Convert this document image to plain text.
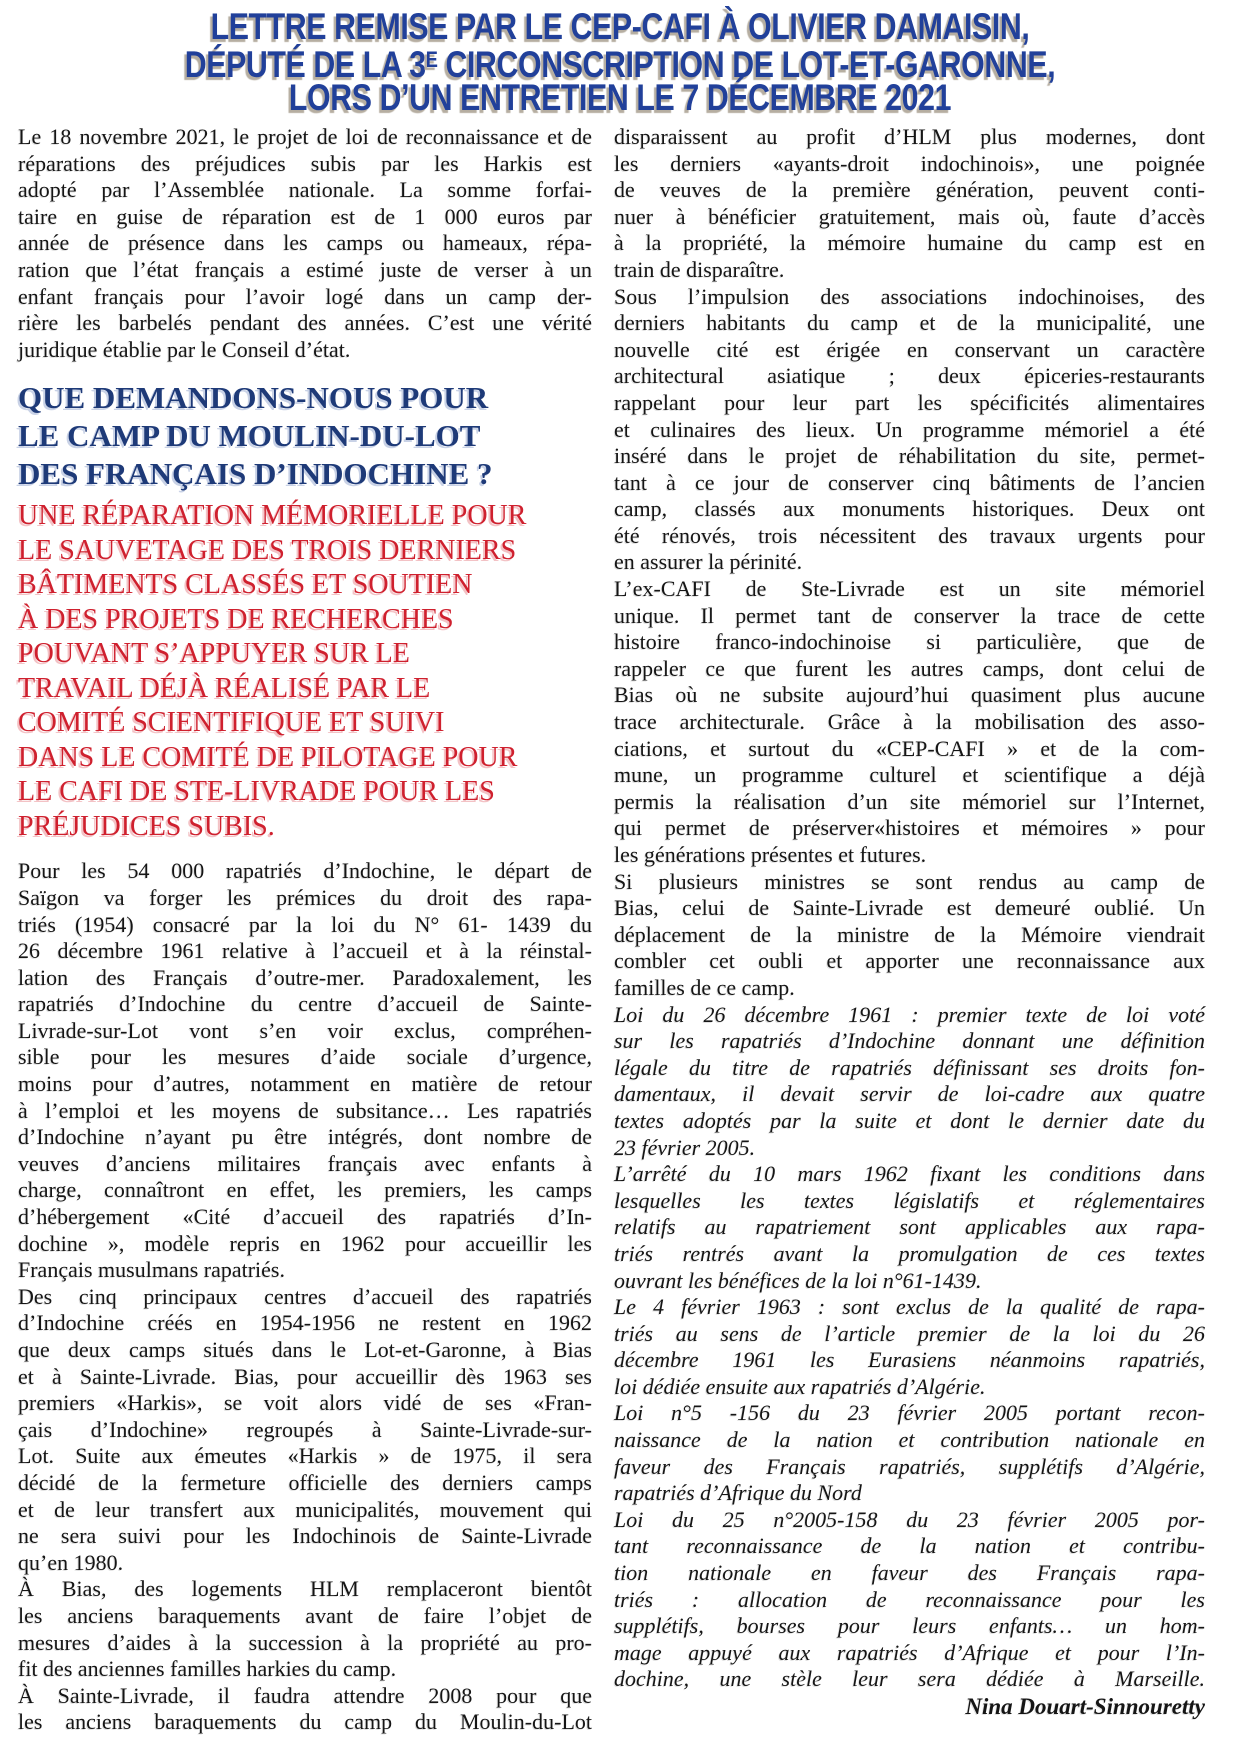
LETTRE REMISE PAR LE CEP-CAFI À OLIVIER DAMAISIN,
DÉPUTÉ DE LA $3^E$ CIRCONSCRIPTION DE LOT-ET-GARONNE,
LORS D’UN ENTRETIEN LE 7 DÉCEMBRE 2021
Le 18 novembre 2021, le projet de loi de reconnaissance et de
réparations des préjudices subis par les Harkis est
adopté par l’Assemblée nationale. La somme forfai-
taire en guise de réparation est de 1 000 euros par
année de présence dans les camps ou hameaux, répa-
ration que l’état français a estimé juste de verser à un
enfant français pour l’avoir logé dans un camp der-
rière les barbelés pendant des années. C’est une vérité
juridique établie par le Conseil d’état.
QUE DEMANDONS-NOUS POUR
LE CAMP DU MOULIN-DU-LOT
DES FRANÇAIS D’INDOCHINE ?
UNE RÉPARATION MÉMORIELLE POUR
LE SAUVETAGE DES TROIS DERNIERS
BÂTIMENTS CLASSÉS ET SOUTIEN
À DES PROJETS DE RECHERCHES
POUVANT S’APPUYER SUR LE
TRAVAIL DÉJÀ RÉALISÉ PAR LE
COMITÉ SCIENTIFIQUE ET SUIVI
DANS LE COMITÉ DE PILOTAGE POUR
LE CAFI DE STE-LIVRADE POUR LES
PRÉJUDICES SUBIS.
Pour les 54 000 rapatriés d’Indochine, le départ de
Saïgon va forger les prémices du droit des rapa-
triés (1954) consacré par la loi du N° 61- 1439 du
26 décembre 1961 relative à l’accueil et à la réinstal-
lation des Français d’outre-mer. Paradoxalement, les
rapatriés d’Indochine du centre d’accueil de Sainte-
Livrade-sur-Lot vont s’en voir exclus, compréhen-
sible pour les mesures d’aide sociale d’urgence,
moins pour d’autres, notamment en matière de retour
à l’emploi et les moyens de subsitance… Les rapatriés
d’Indochine n’ayant pu être intégrés, dont nombre de
veuves d’anciens militaires français avec enfants à
charge, connaîtront en effet, les premiers, les camps
d’hébergement «Cité d’accueil des rapatriés d’In-
dochine », modèle repris en 1962 pour accueillir les
Français musulmans rapatriés.
Des cinq principaux centres d’accueil des rapatriés
d’Indochine créés en 1954-1956 ne restent en 1962
que deux camps situés dans le Lot-et-Garonne, à Bias
et à Sainte-Livrade. Bias, pour accueillir dès 1963 ses
premiers «Harkis», se voit alors vidé de ses «Fran-
çais d’Indochine» regroupés à Sainte-Livrade-sur-
Lot. Suite aux émeutes «Harkis » de 1975, il sera
décidé de la fermeture officielle des derniers camps
et de leur transfert aux municipalités, mouvement qui
ne sera suivi pour les Indochinois de Sainte-Livrade
qu’en 1980.
À Bias, des logements HLM remplaceront bientôt
les anciens baraquements avant de faire l’objet de
mesures d’aides à la succession à la propriété au pro-
fit des anciennes familles harkies du camp.
À Sainte-Livrade, il faudra attendre 2008 pour que
les anciens baraquements du camp du Moulin-du-Lot
disparaissent au profit d’HLM plus modernes, dont
les derniers «ayants-droit indochinois», une poignée
de veuves de la première génération, peuvent conti-
nuer à bénéficier gratuitement, mais où, faute d’accès
à la propriété, la mémoire humaine du camp est en
train de disparaître.
Sous l’impulsion des associations indochinoises, des
derniers habitants du camp et de la municipalité, une
nouvelle cité est érigée en conservant un caractère
architectural asiatique ; deux épiceries-restaurants
rappelant pour leur part les spécificités alimentaires
et culinaires des lieux. Un programme mémoriel a été
inséré dans le projet de réhabilitation du site, permet-
tant à ce jour de conserver cinq bâtiments de l’ancien
camp, classés aux monuments historiques. Deux ont
été rénovés, trois nécessitent des travaux urgents pour
en assurer la périnité.
L’ex-CAFI de Ste-Livrade est un site mémoriel
unique. Il permet tant de conserver la trace de cette
histoire franco-indochinoise si particulière, que de
rappeler ce que furent les autres camps, dont celui de
Bias où ne subsite aujourd’hui quasiment plus aucune
trace architecturale. Grâce à la mobilisation des asso-
ciations, et surtout du «CEP-CAFI » et de la com-
mune, un programme culturel et scientifique a déjà
permis la réalisation d’un site mémoriel sur l’Internet,
qui permet de préserver«histoires et mémoires » pour
les générations présentes et futures.
Si plusieurs ministres se sont rendus au camp de
Bias, celui de Sainte-Livrade est demeuré oublié. Un
déplacement de la ministre de la Mémoire viendrait
combler cet oubli et apporter une reconnaissance aux
familles de ce camp.
Loi du 26 décembre 1961 : premier texte de loi voté
sur les rapatriés d’Indochine donnant une définition
légale du titre de rapatriés définissant ses droits fon-
damentaux, il devait servir de loi-cadre aux quatre
textes adoptés par la suite et dont le dernier date du
23 février 2005.
L’arrêté du 10 mars 1962 fixant les conditions dans
lesquelles les textes législatifs et réglementaires
relatifs au rapatriement sont applicables aux rapa-
triés rentrés avant la promulgation de ces textes
ouvrant les bénéfices de la loi n°61-1439.
Le 4 février 1963 : sont exclus de la qualité de rapa-
triés au sens de l’article premier de la loi du 26
décembre 1961 les Eurasiens néanmoins rapatriés,
loi dédiée ensuite aux rapatriés d’Algérie.
Loi n°5 -156 du 23 février 2005 portant recon-
naissance de la nation et contribution nationale en
faveur des Français rapatriés, supplétifs d’Algérie,
rapatriés d’Afrique du Nord
Loi du 25 n°2005-158 du 23 février 2005 por-
tant reconnaissance de la nation et contribu-
tion nationale en faveur des Français rapa-
triés : allocation de reconnaissance pour les
supplétifs, bourses pour leurs enfants… un hom-
mage appuyé aux rapatriés d’Afrique et pour l’In-
dochine, une stèle leur sera dédiée à Marseille.
Nina Douart-Sinnouretty
